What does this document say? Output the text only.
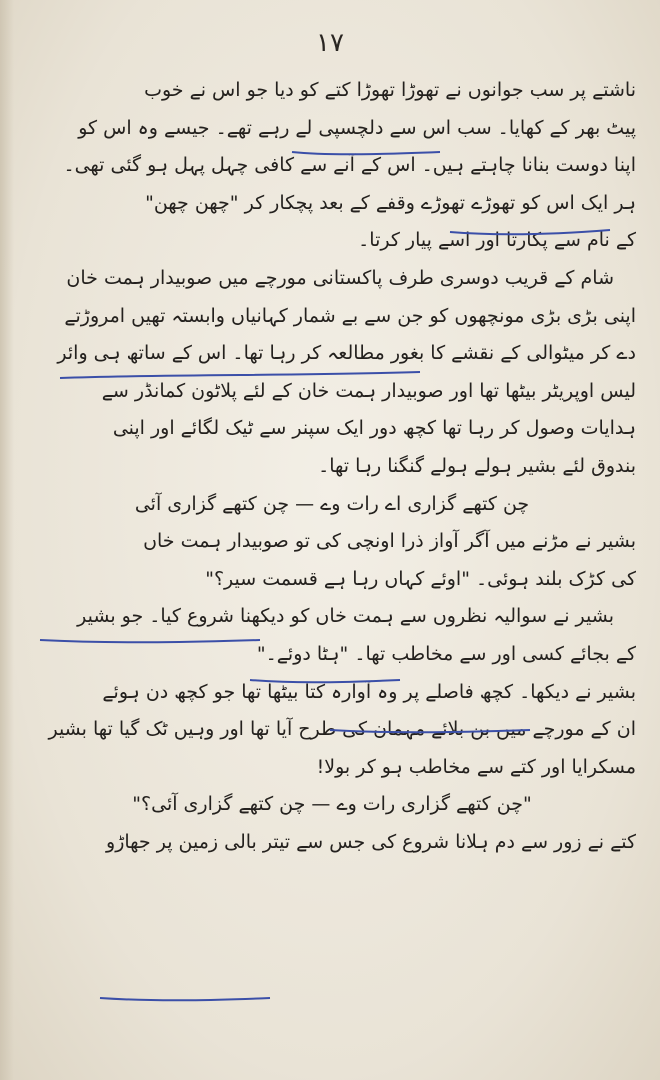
۱۷
ناشتے پر سب جوانوں نے تھوڑا تھوڑا کتے کو دیا جو اس نے خوب
پیٹ بھر کے کھایا۔ سب اس سے دلچسپی لے رہے تھے۔ جیسے وہ اس کو
اپنا دوست بنانا چاہتے ہیں۔ اس کے آنے سے کافی چہل پہل ہو گئی تھی۔
ہر ایک اس کو تھوڑے تھوڑے وقفے کے بعد پچکار کر "چھن چھن"
کے نام سے پکارتا اور اسے پیار کرتا۔
شام کے قریب دوسری طرف پاکستانی مورچے میں صوبیدار ہمت خان
اپنی بڑی بڑی مونچھوں کو جن سے بے شمار کہانیاں وابستہ تھیں امروڑتے
دے کر میٹوالی کے نقشے کا بغور مطالعہ کر رہا تھا۔ اس کے ساتھ ہی وائر
لیس اوپریٹر بیٹھا تھا اور صوبیدار ہمت خان کے لئے پلاٹون کمانڈر سے
ہدایات وصول کر رہا تھا کچھ دور ایک سپنر سے ٹیک لگائے اور اپنی
بندوق لئے بشیر ہولے ہولے گنگنا رہا تھا۔
چن کتھے گزاری اے رات وے — چن کتھے گزاری آئی
بشیر نے مڑنے میں آگر آواز ذرا اونچی کی تو صوبیدار ہمت خاں
کی کڑک بلند ہوئی۔ "اوئے کہاں رہا ہے قسمت سیر؟"
بشیر نے سوالیہ نظروں سے ہمت خاں کو دیکھنا شروع کیا۔ جو بشیر
کے بجائے کسی اور سے مخاطب تھا۔ "ہٹا دوئے۔"
بشیر نے دیکھا۔ کچھ فاصلے پر وہ آوارہ کتا بیٹھا تھا جو کچھ دن ہوئے
ان کے مورچے میں بن بلائے مہمان کی طرح آیا تھا اور وہیں ٹک گیا تھا بشیر
مسکرایا اور کتے سے مخاطب ہو کر بولا!
"چن کتھے گزاری رات وے — چن کتھے گزاری آئی؟"
کتے نے زور سے دم ہلانا شروع کی جس سے تیتر بالی زمین پر جھاڑو
